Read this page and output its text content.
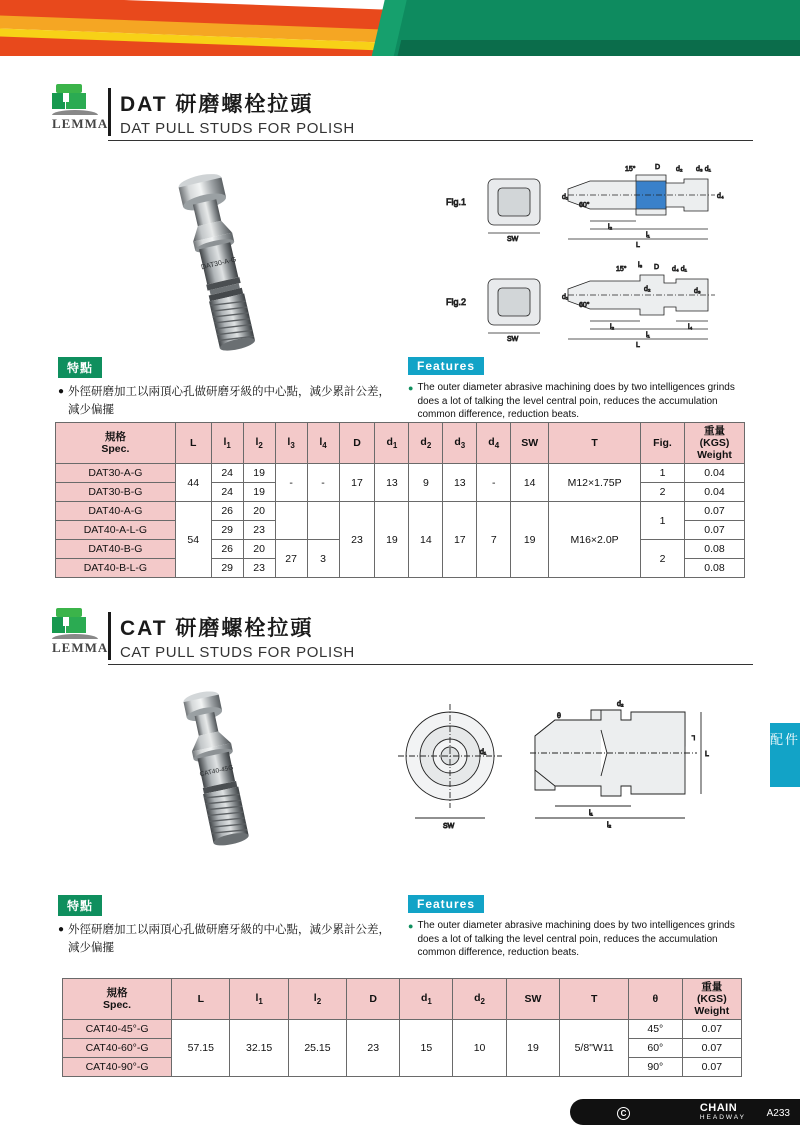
LEMMA
DAT 研磨螺栓拉頭
DAT PULL STUDS FOR POLISH
DAT30-A-G
Fig.1
SW
15°	D d₂ d₃ d₁
60°
d₁	d₄
l₂
l₁
L
Fig.2
SW
15°
l₃ D d₄ d₁
60°
d₁
d₂	d₃
l₂	l₄
l₁
L
特點
● 外徑研磨加工以兩頂心孔做研磨牙級的中心點，減少累計公差，減少偏擺
Features
● The outer diameter abrasive machining does by two intelligences grinds does a lot of talking the level central poin, reduces the accumulation common difference, reduction beats.
規格
Spec.	L	$l_1$	$l_2$	$l_3$	$l_4$	D	$d_1$	$d_2$	$d_3$	$d_4$	SW	T	Fig.	重量
(KGS)
Weight
DAT30-A-G	44	24	19	-	-	17	13	9	13	-	14	M12×1.75P	1	0.04
DAT30-B-G		24	19										2	0.04
DAT40-A-G	54	26	20			23	19	14	17	7	19	M16×2.0P	1	0.07
DAT40-A-L-G		29	23											0.07
DAT40-B-G		26	20	27	3								2	0.08
DAT40-B-L-G		29	23											0.08
LEMMA
CAT 研磨螺栓拉頭
CAT PULL STUDS FOR POLISH
CAT40-45G
SW
d₁
θ
d₂
┐
l₁
l₂
L
特點
● 外徑研磨加工以兩頂心孔做研磨牙級的中心點，減少累計公差，減少偏擺
Features
● The outer diameter abrasive machining does by two intelligences grinds does a lot of talking the level central poin, reduces the accumulation common difference, reduction beats.
規格
Spec.	L	$l_1$	$l_2$	D	$d_1$	$d_2$	SW	T	θ	重量
(KGS)
Weight
CAT40-45°-G	57.15	32.15	25.15	23	15	10	19	5/8"W11	45°	0.07
CAT40-60°-G									60°	0.07
CAT40-90°-G									90°	0.07
配件
C	CHAIN
HEADWAY A233
